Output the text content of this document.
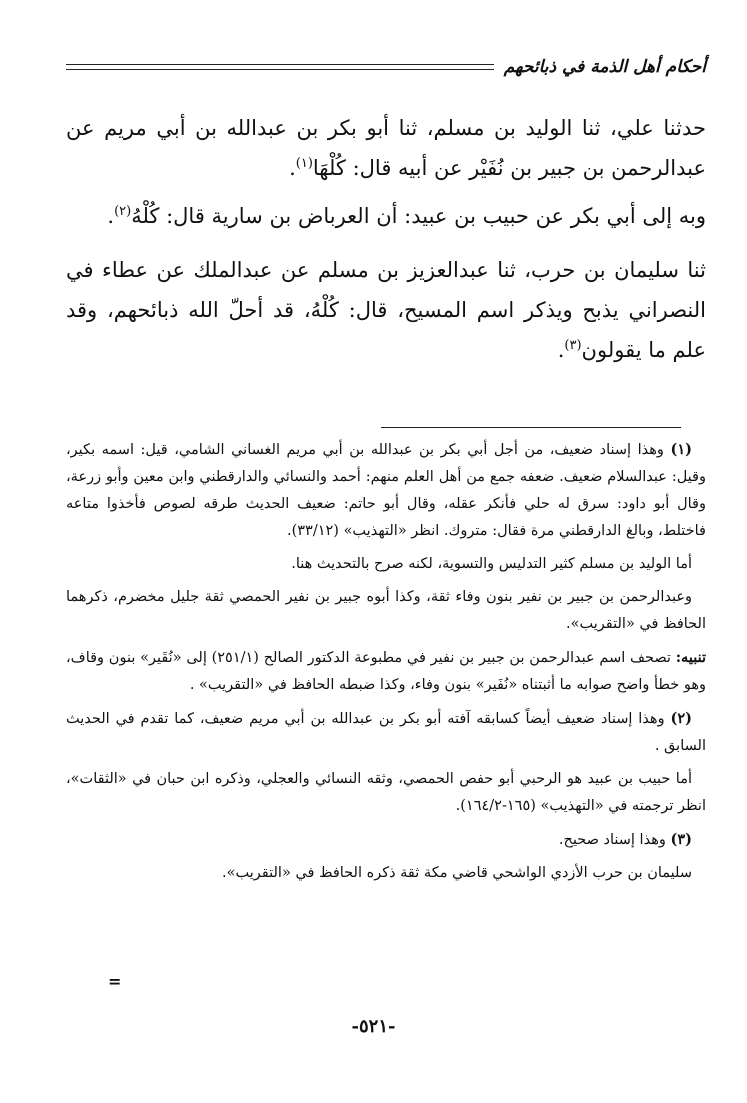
أحكام أهل الذمة في ذبائحهم

حدثنا علي، ثنا الوليد بن مسلم، ثنا أبو بكر بن عبدالله بن أبي مريم عن عبدالرحمن بن جبير بن نُفَيْر عن أبيه قال: كُلْهَا$^{(١)}$.

وبه إلى أبي بكر عن حبيب بن عبيد: أن العرباض بن سارية قال: كُلْهُ$^{(٢)}$.

ثنا سليمان بن حرب، ثنا عبدالعزيز بن مسلم عن عبدالملك عن عطاء في النصراني يذبح ويذكر اسم المسيح، قال: كُلْهُ، قد أحلّ الله ذبائحهم، وقد علم ما يقولون$^{(٣)}$.

(١) وهذا إسناد ضعيف، من أجل أبي بكر بن عبدالله بن أبي مريم الغساني الشامي، قيل: اسمه بكير، وقيل: عبدالسلام ضعيف. ضعفه جمع من أهل العلم منهم: أحمد والنسائي والدارقطني وابن معين وأبو زرعة، وقال أبو داود: سرق له حلي فأنكر عقله، وقال أبو حاتم: ضعيف الحديث طرقه لصوص فأخذوا متاعه فاختلط، وبالغ الدارقطني مرة فقال: متروك. انظر «التهذيب» (٣٣/١٢).

أما الوليد بن مسلم كثير التدليس والتسوية، لكنه صرح بالتحديث هنا.

وعبدالرحمن بن جبير بن نفير بنون وفاء ثقة، وكذا أبوه جبير بن نفير الحمصي ثقة جليل مخضرم، ذكرهما الحافظ في «التقريب».

تنبيه: تصحف اسم عبدالرحمن بن جبير بن نفير في مطبوعة الدكتور الصالح (٢٥١/١) إلى «نُقَير» بنون وقاف، وهو خطأ واضح صوابه ما أثبتناه «نُفَير» بنون وفاء، وكذا ضبطه الحافظ في «التقريب» .

(٢) وهذا إسناد ضعيف أيضاً كسابقه آفته أبو بكر بن عبدالله بن أبي مريم ضعيف، كما تقدم في الحديث السابق .

أما حبيب بن عبيد هو الرحبي أبو حفص الحمصي، وثقه النسائي والعجلي، وذكره ابن حبان في «الثقات»، انظر ترجمته في «التهذيب» (١٦٥-١٦٤/٢).

(٣) وهذا إسناد صحيح.

سليمان بن حرب الأزدي الواشحي قاضي مكة ثقة ذكره الحافظ في «التقريب».

=
-٥٢١-
